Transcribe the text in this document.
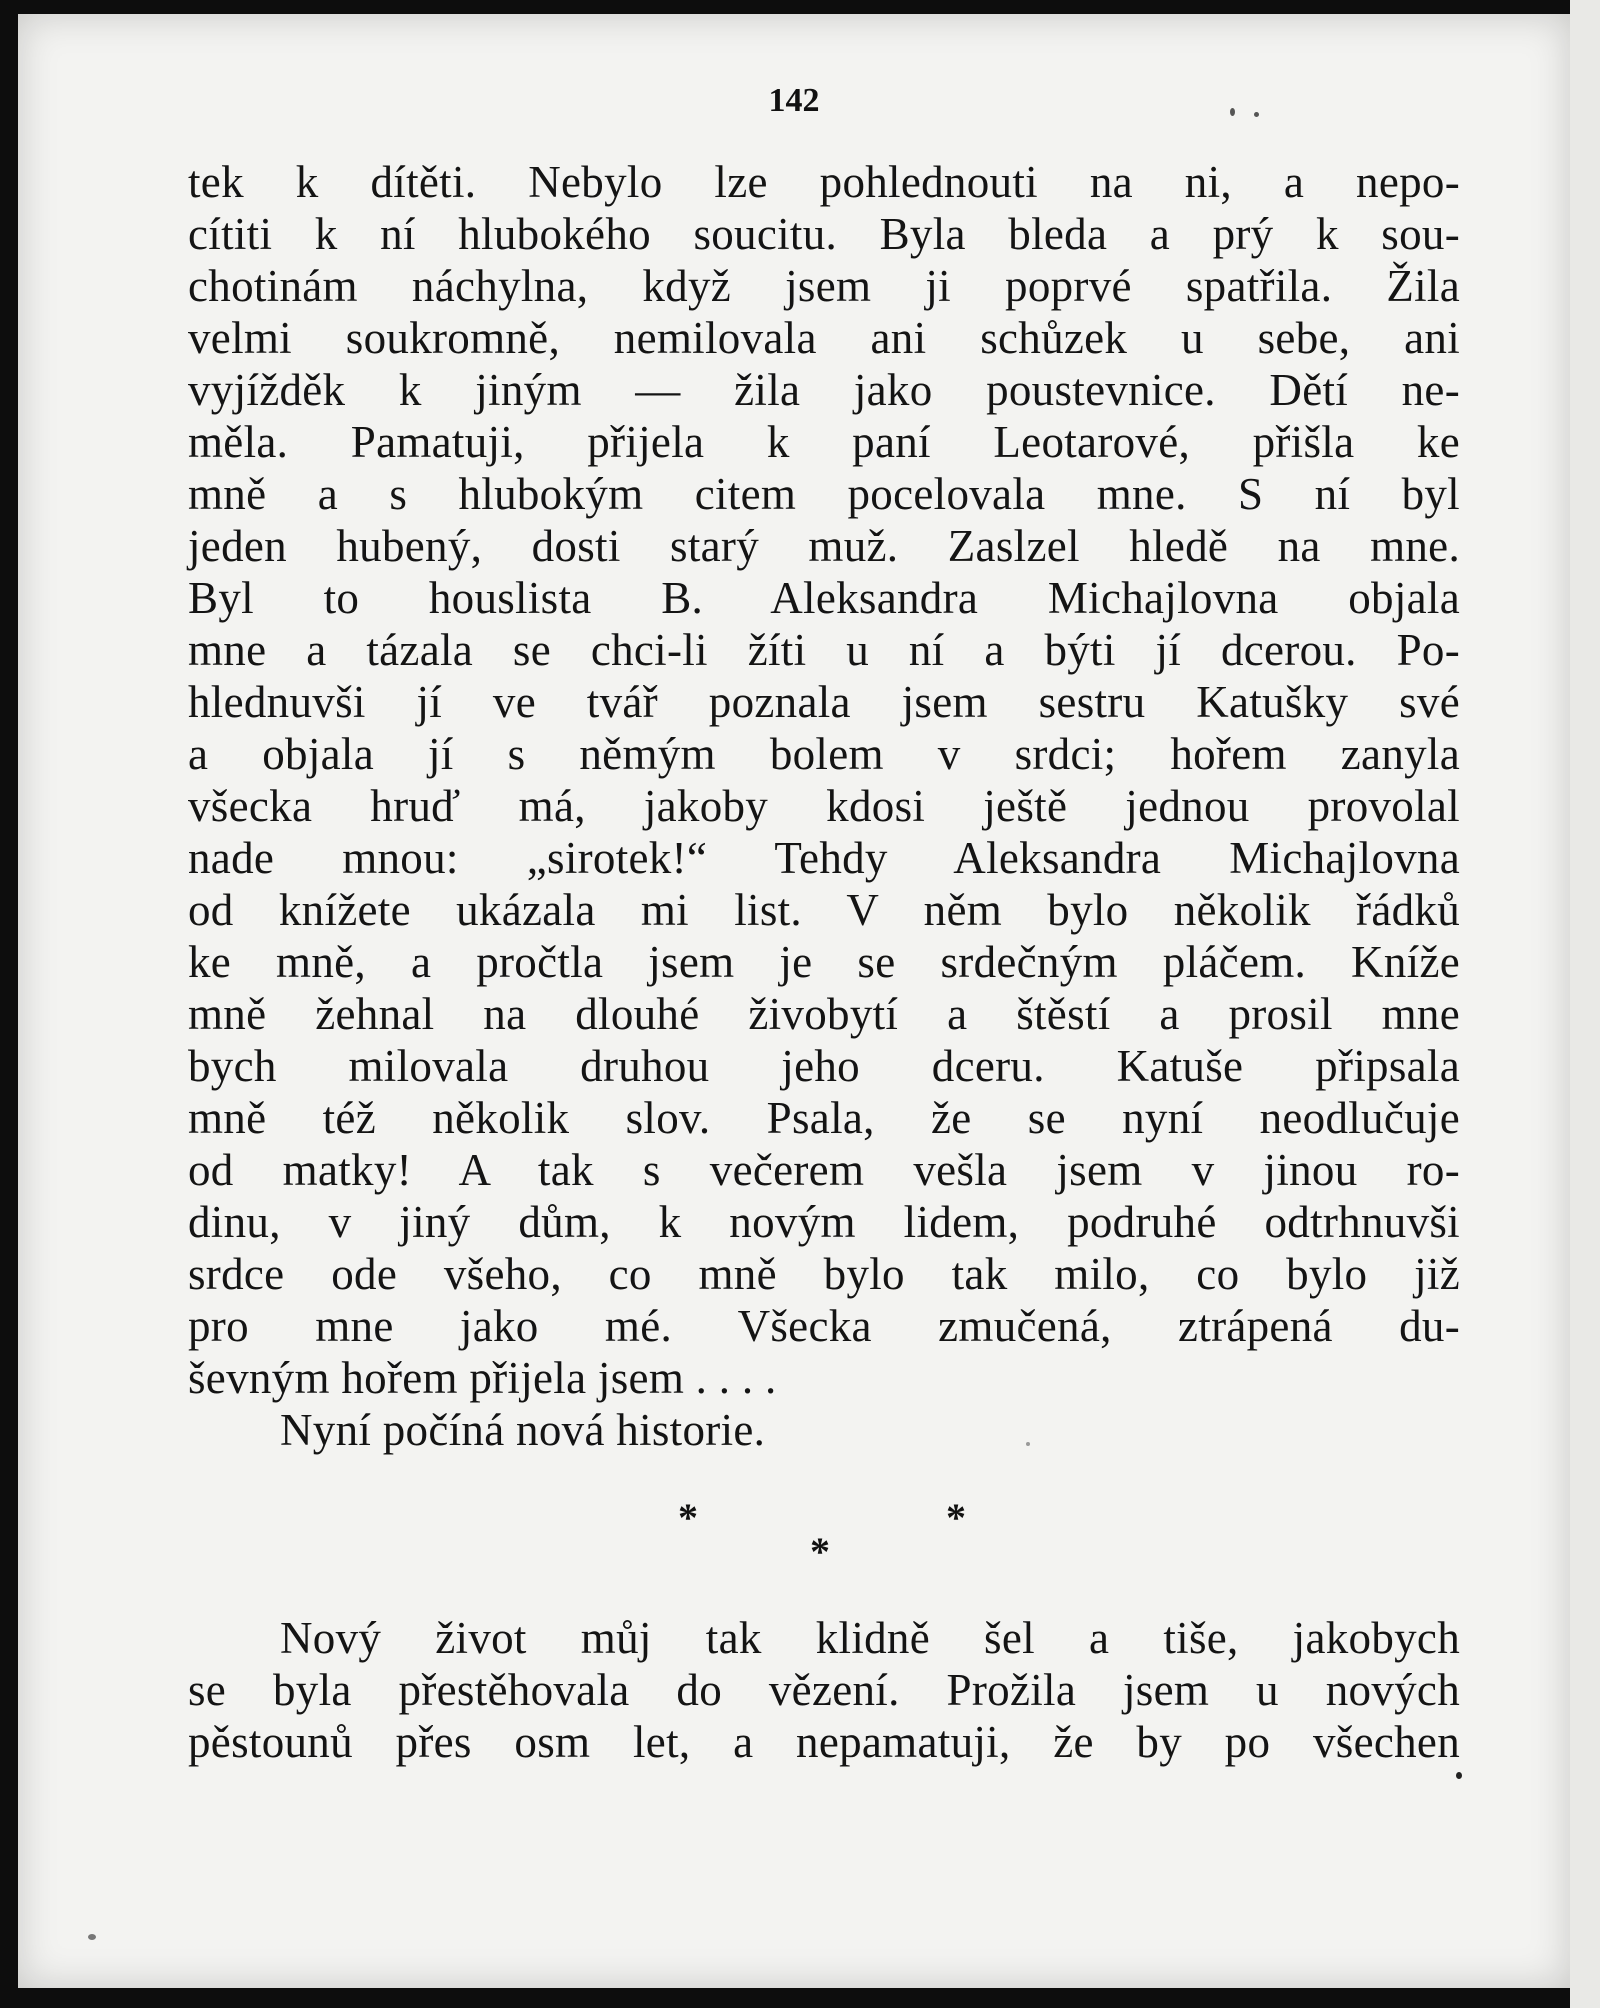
142
tek k dítěti. Nebylo lze pohlednouti na ni, a nepo-
cítiti k ní hlubokého soucitu. Byla bleda a prý k sou-
chotinám náchylna, když jsem ji poprvé spatřila. Žila
velmi soukromně, nemilovala ani schůzek u sebe, ani
vyjížděk k jiným — žila jako poustevnice. Dětí ne-
měla. Pamatuji, přijela k paní Leotarové, přišla ke
mně a s hlubokým citem pocelovala mne. S ní byl
jeden hubený, dosti starý muž. Zaslzel hledě na mne.
Byl to houslista B. Aleksandra Michajlovna objala
mne a tázala se chci-li žíti u ní a býti jí dcerou. Po-
hlednuvši jí ve tvář poznala jsem sestru Katušky své
a objala jí s němým bolem v srdci; hořem zanyla
všecka hruď má, jakoby kdosi ještě jednou provolal
nade mnou: „sirotek!“ Tehdy Aleksandra Michajlovna
od knížete ukázala mi list. V něm bylo několik řádků
ke mně, a pročtla jsem je se srdečným pláčem. Kníže
mně žehnal na dlouhé živobytí a štěstí a prosil mne
bych milovala druhou jeho dceru. Katuše připsala
mně též několik slov. Psala, že se nyní neodlučuje
od matky! A tak s večerem vešla jsem v jinou ro-
dinu, v jiný dům, k novým lidem, podruhé odtrhnuvši
srdce ode všeho, co mně bylo tak milo, co bylo již
pro mne jako mé. Všecka zmučená, ztrápená du-
ševným hořem přijela jsem . . . .
Nyní počíná nová historie.
*	*
*
Nový život můj tak klidně šel a tiše, jakobych
se byla přestěhovala do vězení. Prožila jsem u nových
pěstounů přes osm let, a nepamatuji, že by po všechen
